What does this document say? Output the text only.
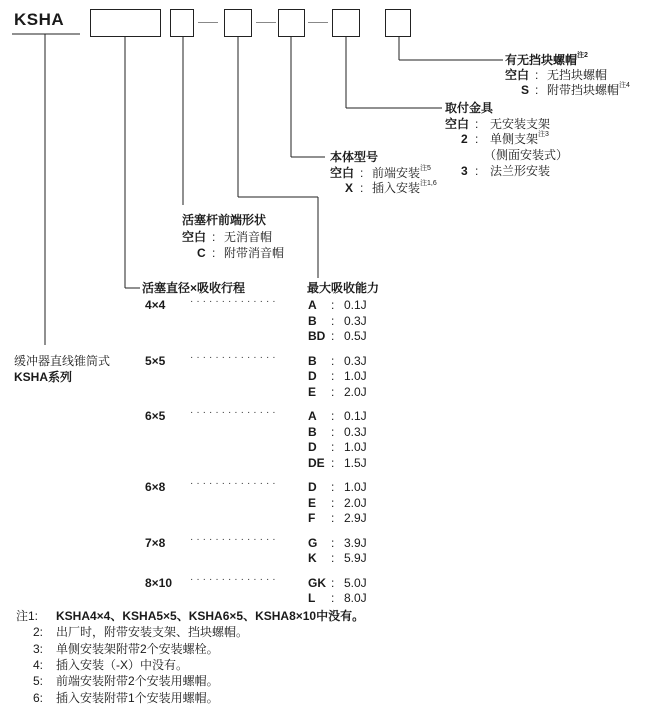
KSHA
有无挡块螺帽$^{注2}$
空白 : 无挡块螺帽
S : 附带挡块螺帽$^{注4}$
取付金具
空白 : 无安装支架
2 : 单侧支架$^{注3}$
（侧面安装式）
3 : 法兰形安装
本体型号
空白 : 前端安装$^{注5}$
X : 插入安装$^{注1,6}$
活塞杆前端形状
空白 : 无消音帽
C : 附带消音帽
活塞直径×吸收行程	最大吸收能力
缓冲器直线锥筒式
KSHA系列
4×4 ·············· A : 0.1J
B : 0.3J
BD : 0.5J
5×5 ·············· B : 0.3J
D : 1.0J
E : 2.0J
6×5 ·············· A : 0.1J
B : 0.3J
D : 1.0J
DE : 1.5J
6×8 ·············· D : 1.0J
E : 2.0J
F : 2.9J
7×8 ·············· G : 3.9J
K : 5.9J
8×10 ·············· GK : 5.0J
L : 8.0J
注1: KSHA4×4、KSHA5×5、KSHA6×5、KSHA8×10中没有。
2: 出厂时，附带安装支架、挡块螺帽。
3: 单侧安装架附带2个安装螺栓。
4: 插入安装（-X）中没有。
5: 前端安装附带2个安装用螺帽。
6: 插入安装附带1个安装用螺帽。
